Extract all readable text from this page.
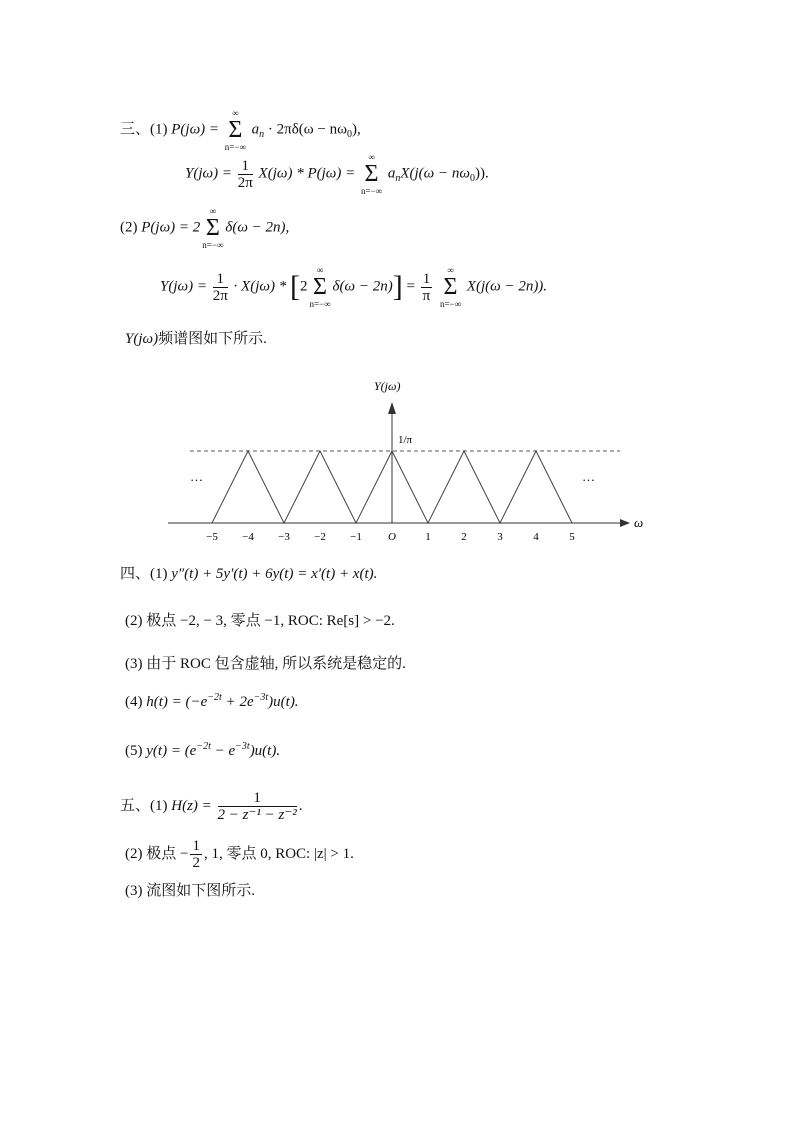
三、(1) P(jω) =
∞
Σ
n=−∞
$a_n \cdot 2\pi\delta(\omega - n\omega_0)$,
$Y(j\omega) = \frac{1}{2\pi} X(j\omega) * P(j\omega)$ =
∞
Σ
n=−∞
$a_nX(j(\omega - n\omega_0))$.
(2) P(jω) = 2
∞
Σ
n=−∞
δ(ω − 2n),
$Y(j\omega) = \frac{1}{2\pi} \cdot X(j\omega) * [2$
∞
Σ
n=−∞
$\delta(\omega - 2n)] = \frac{1}{\pi}$

∞
Σ
n=−∞
X(j(ω − 2n)).
Y(jω)频谱图如下所示.
−5 −4 −3 −2 −1 O	1	2	3	4	5
ω
Y(jω)
1/π
…	…
四、(1) y″(t) + 5y′(t) + 6y(t) = x′(t) + x(t).
(2) 极点 −2, − 3, 零点 −1, ROC: Re[s] > −2.
(3) 由于 ROC 包含虚轴, 所以系统是稳定的.
(4) $h(t) = (-e^{-2t} + 2e^{-3t})u(t)$.
(5) $y(t) = (e^{-2t} - e^{-3t})u(t)$.
五、(1) $H(z) = \frac{1}{\text{2 − z⁻¹ − z⁻²}}$ .
(2) 极点 − $\frac{1}{2}$ , 1, 零点 0, ROC: |z| > 1.
(3) 流图如下图所示.
